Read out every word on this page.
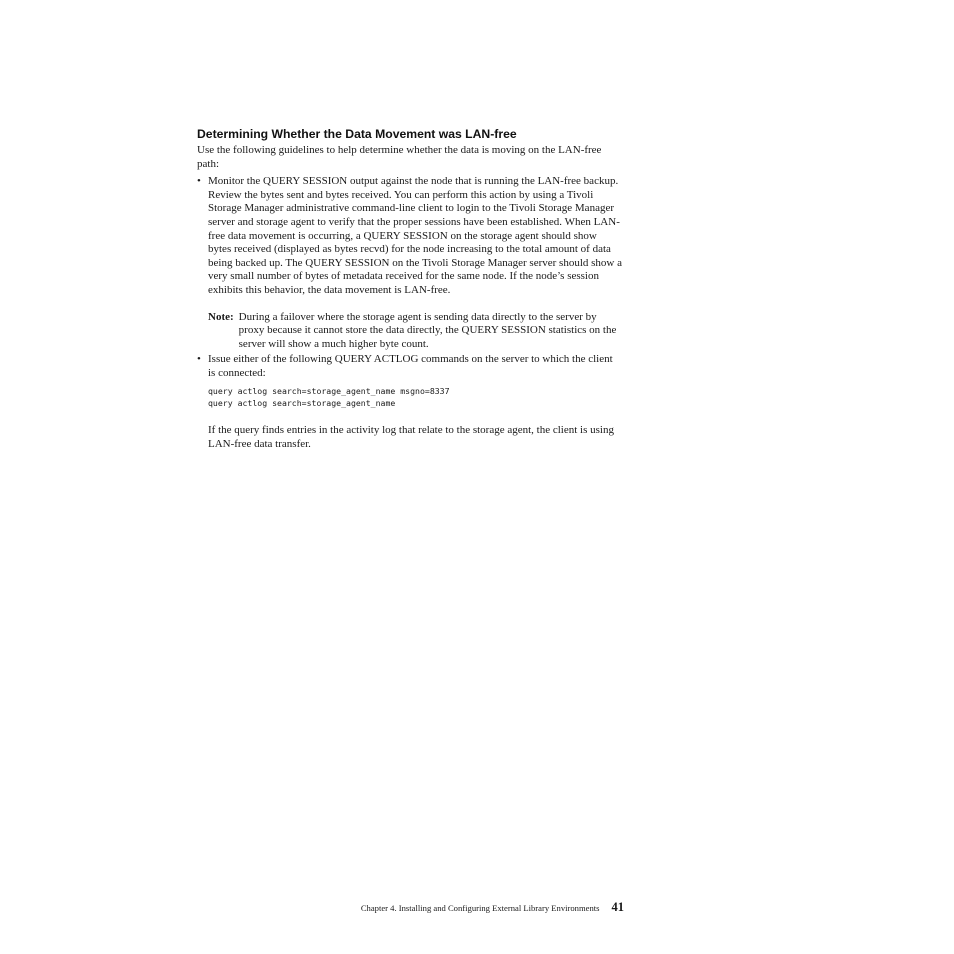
Determining Whether the Data Movement was LAN-free

Use the following guidelines to help determine whether the data is moving on the LAN-free path:

• Monitor the QUERY SESSION output against the node that is running the LAN-free backup. Review the bytes sent and bytes received. You can perform this action by using a Tivoli Storage Manager administrative command-line client to login to the Tivoli Storage Manager server and storage agent to verify that the proper sessions have been established. When LAN-free data movement is occurring, a QUERY SESSION on the storage agent should show bytes received (displayed as bytes recvd) for the node increasing to the total amount of data being backed up. The QUERY SESSION on the Tivoli Storage Manager server should show a very small number of bytes of metadata received for the same node. If the node’s session exhibits this behavior, the data movement is LAN-free.

Note: During a failover where the storage agent is sending data directly to the server by proxy because it cannot store the data directly, the QUERY SESSION statistics on the server will show a much higher byte count.
• Issue either of the following QUERY ACTLOG commands on the server to which the client is connected:

query actlog search=storage_agent_name msgno=8337
query actlog search=storage_agent_name

If the query finds entries in the activity log that relate to the storage agent, the client is using LAN-free data transfer.

Chapter 4. Installing and Configuring External Library Environments 41
